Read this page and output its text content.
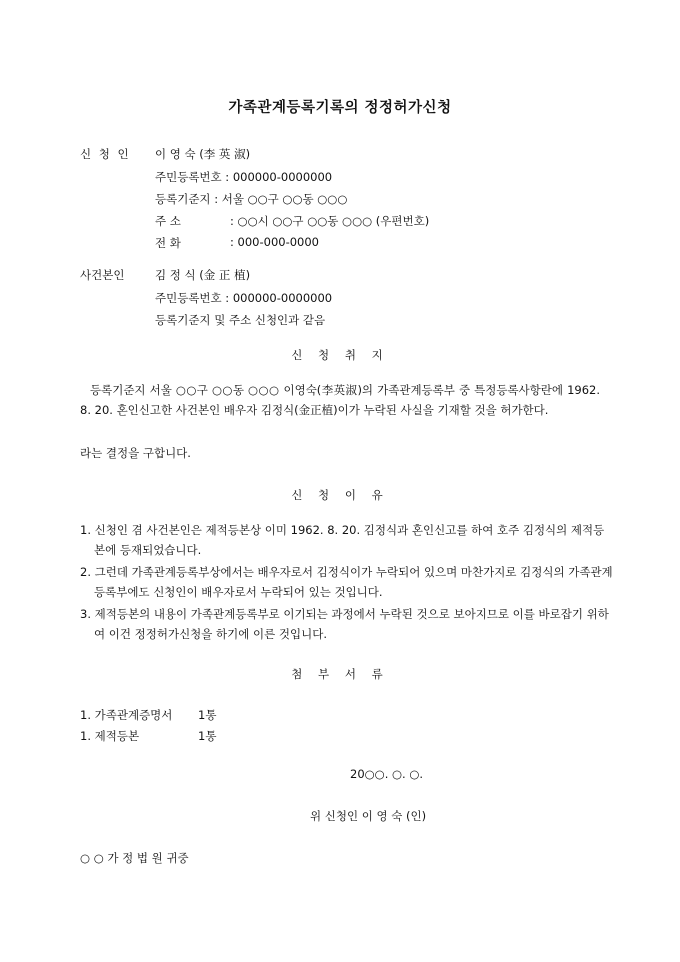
가족관계등록기록의 정정허가신청
신 청 인 이 영 숙 (李 英 淑)
주민등록번호 : 000000-0000000
등록기준지 : 서울 ○○구 ○○동 ○○○
주 소	: ○○시 ○○구 ○○동 ○○○ (우편번호)
전 화	: 000-000-0000
사건본인	김 정 식 (金 正 植)
주민등록번호 : 000000-0000000
등록기준지 및 주소 신청인과 같음
신 청 취 지
등록기준지 서울 ○○구 ○○동 ○○○ 이영숙(李英淑)의 가족관계등록부 중 특정등록사항란에 1962. 8. 20. 혼인신고한 사건본인 배우자 김정식(金正植)이가 누락된 사실을 기재할 것을 허가한다.
라는 결정을 구합니다.
신 청 이 유
1. 신청인 겸 사건본인은 제적등본상 이미 1962. 8. 20. 김정식과 혼인신고를 하여 호주 김정식의 제적등본에 등재되었습니다.
2. 그런데 가족관계등록부상에서는 배우자로서 김정식이가 누락되어 있으며 마찬가지로 김정식의 가족관계등록부에도 신청인이 배우자로서 누락되어 있는 것입니다.
3. 제적등본의 내용이 가족관계등록부로 이기되는 과정에서 누락된 것으로 보아지므로 이를 바로잡기 위하여 이건 정정허가신청을 하기에 이른 것입니다.
첨 부 서 류
1. 가족관계증명서 1통
1. 제적등본	1통
20○○. ○. ○.
위 신청인 이 영 숙 (인)
○ ○ 가 정 법 원 귀중
